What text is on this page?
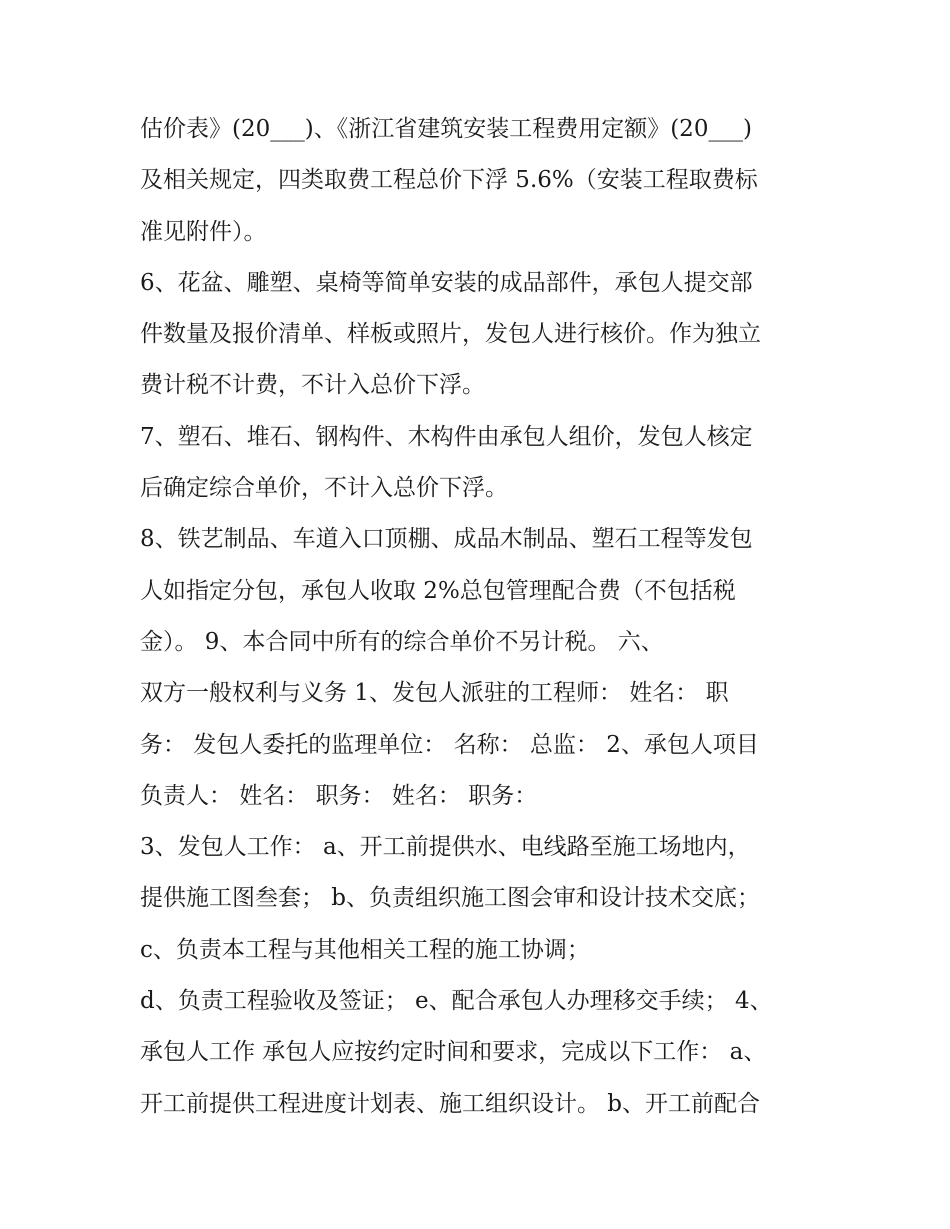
估价表》(20___)、《浙江省建筑安装工程费用定额》(20___)
及相关规定，四类取费工程总价下浮 5.6%（安装工程取费标
准见附件）。
6、花盆、雕塑、桌椅等简单安装的成品部件，承包人提交部
件数量及报价清单、样板或照片，发包人进行核价。作为独立
费计税不计费，不计入总价下浮。
7、塑石、堆石、钢构件、木构件由承包人组价，发包人核定
后确定综合单价，不计入总价下浮。
8、铁艺制品、车道入口顶棚、成品木制品、塑石工程等发包
人如指定分包，承包人收取 2%总包管理配合费（不包括税
金）。 9、本合同中所有的综合单价不另计税。 六、
双方一般权利与义务 1、发包人派驻的工程师： 姓名： 职
务： 发包人委托的监理单位： 名称： 总监： 2、承包人项目
负责人： 姓名： 职务： 姓名： 职务：
3、发包人工作： a、开工前提供水、电线路至施工场地内，
提供施工图叁套； b、负责组织施工图会审和设计技术交底；
c、负责本工程与其他相关工程的施工协调；
d、负责工程验收及签证； e、配合承包人办理移交手续； 4、
承包人工作 承包人应按约定时间和要求，完成以下工作： a、
开工前提供工程进度计划表、施工组织设计。 b、开工前配合
